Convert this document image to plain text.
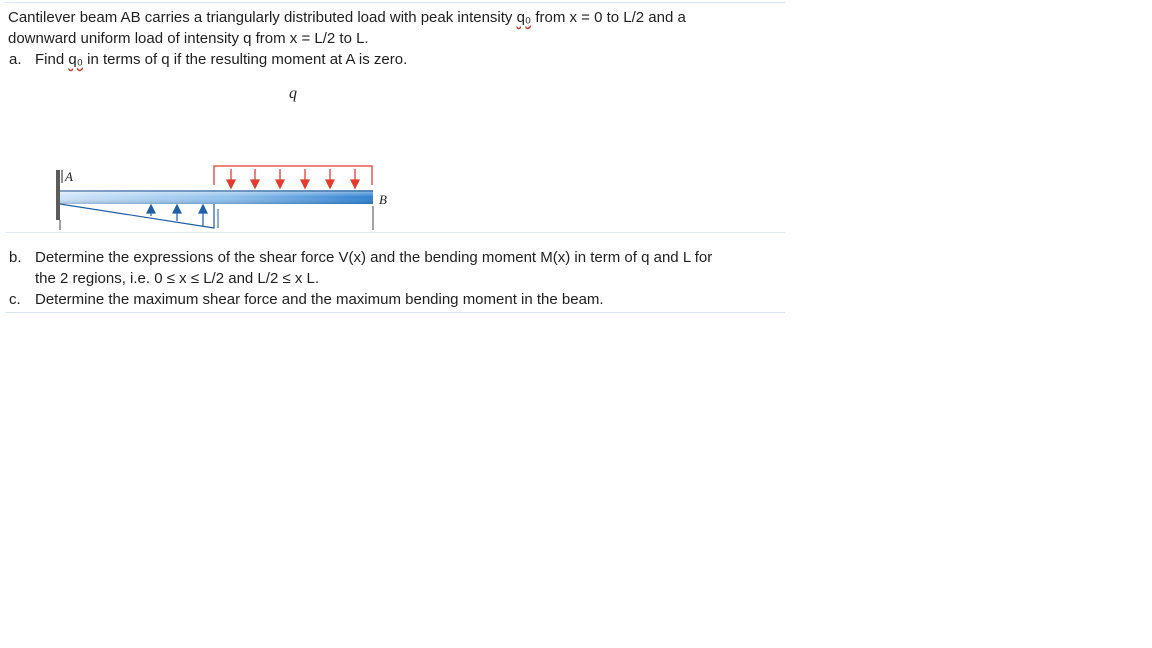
Cantilever beam AB carries a triangularly distributed load with peak intensity q₀ from x = 0 to L/2 and a

downward uniform load of intensity q from x = L/2 to L.

a. Find q₀ in terms of q if the resulting moment at A is zero.

q
A
B

b. Determine the expressions of the shear force V(x) and the bending moment M(x) in term of q and L for

the 2 regions, i.e. 0 ≤ x ≤ L/2 and L/2 ≤ x L.

c. Determine the maximum shear force and the maximum bending moment in the beam.
